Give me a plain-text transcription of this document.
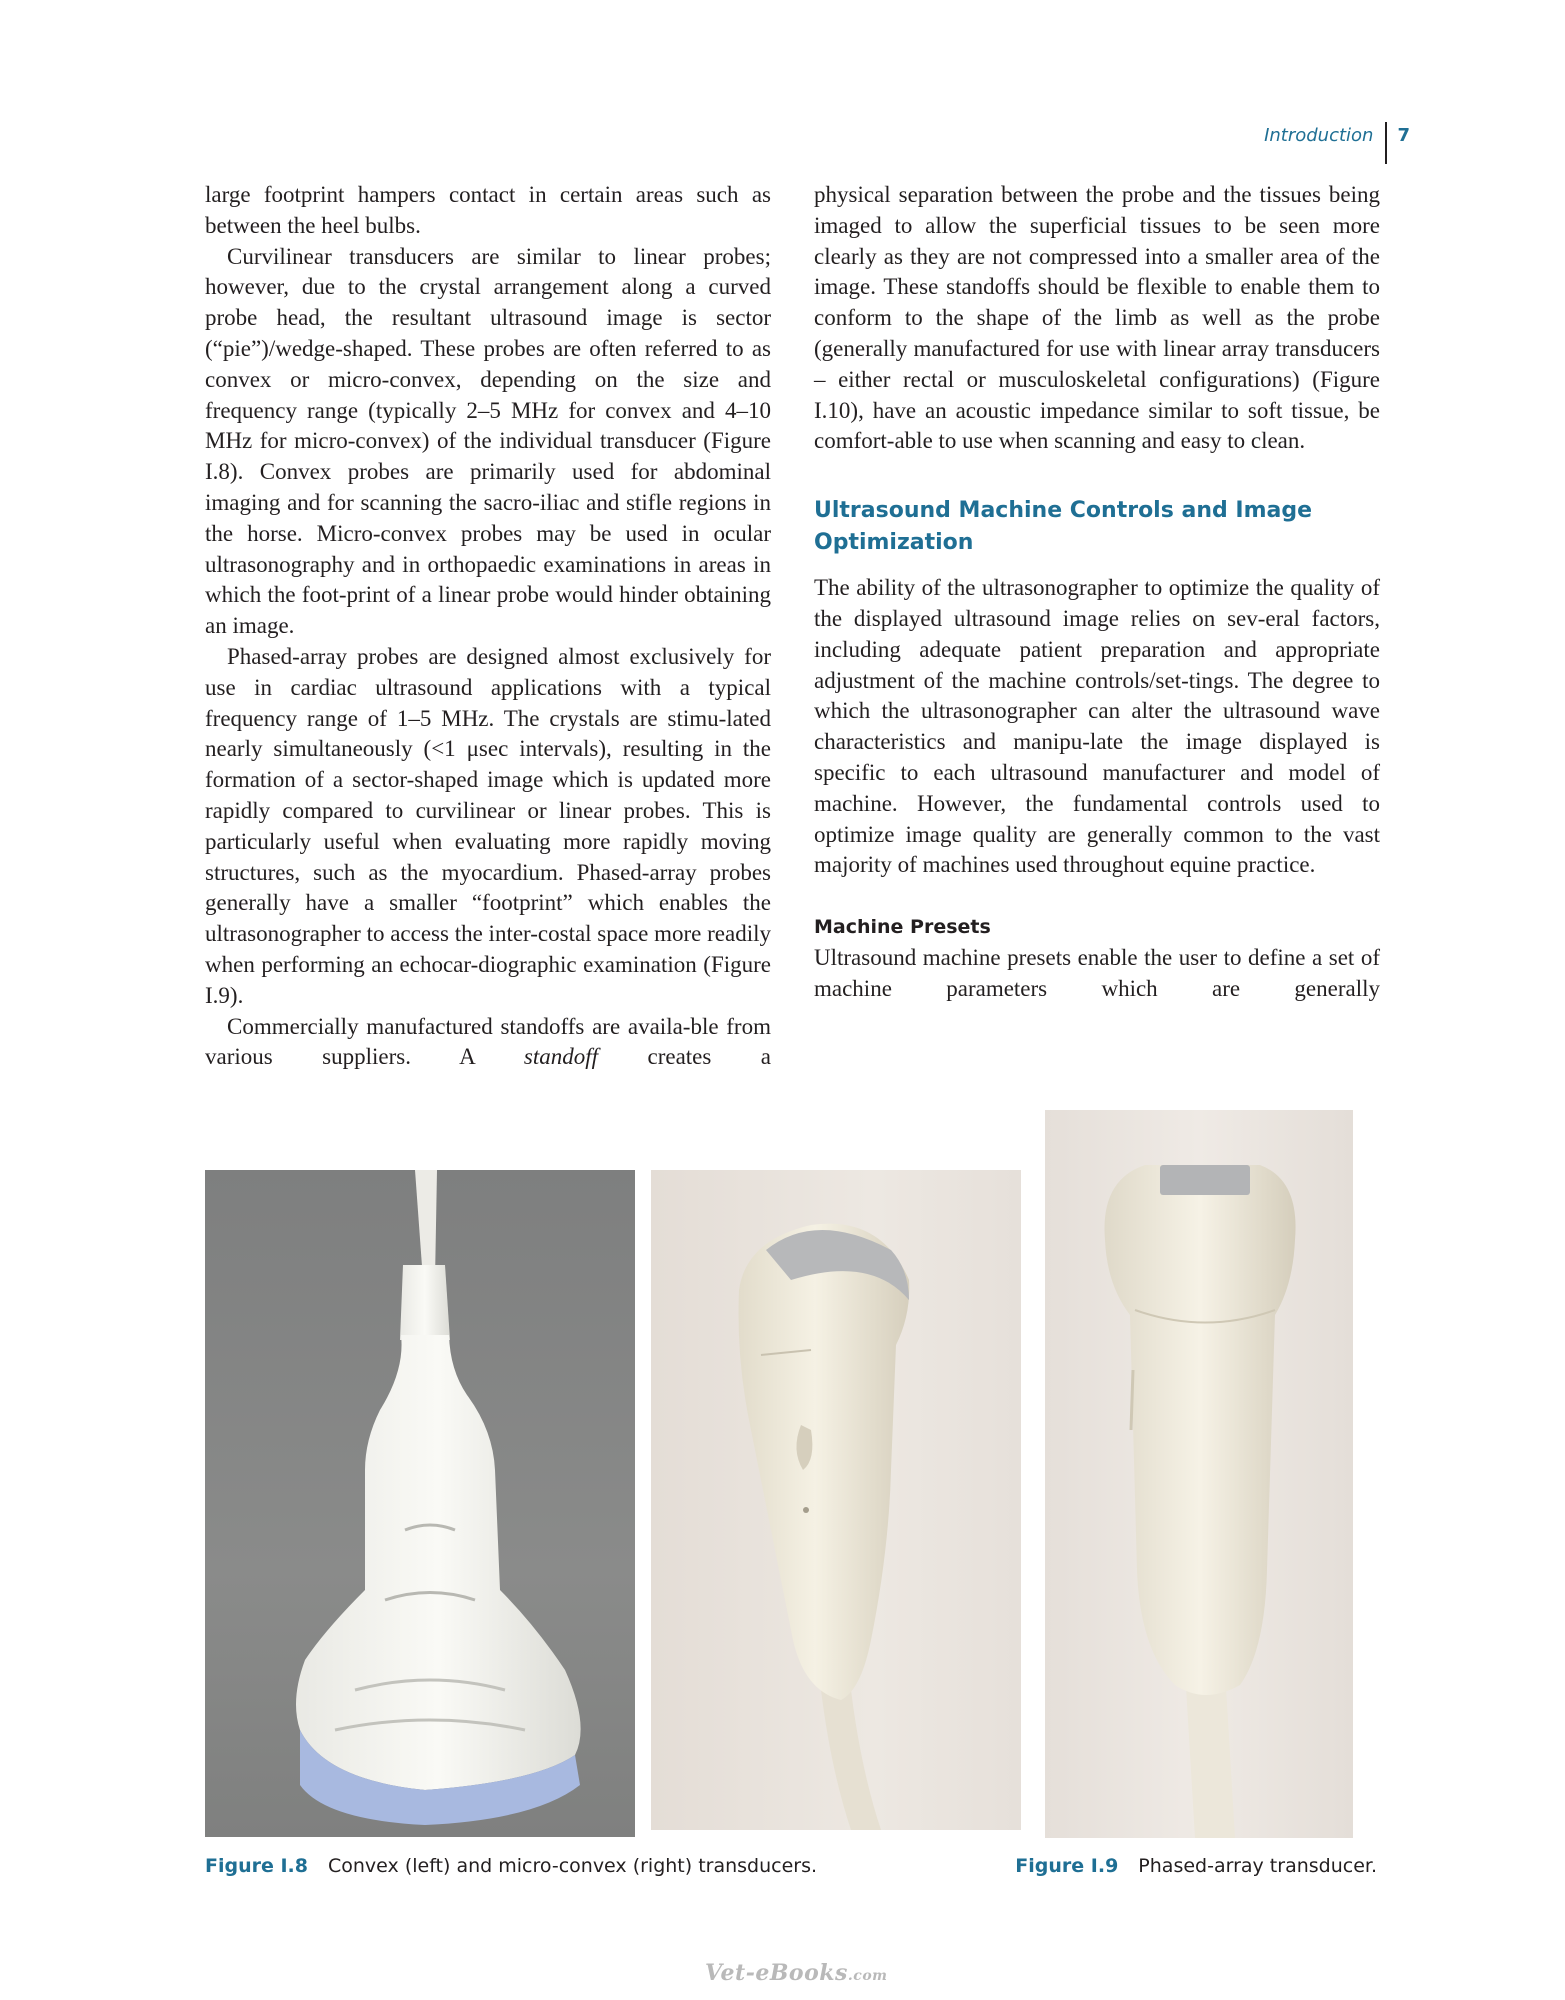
Introduction 7

large footprint hampers contact in certain areas such as between the heel bulbs.

Curvilinear transducers are similar to linear probes; however, due to the crystal arrangement along a curved probe head, the resultant ultrasound image is sector (“pie”)/wedge-shaped. These probes are often referred to as convex or micro-convex, depending on the size and frequency range (typically 2–5 MHz for convex and 4–10 MHz for micro-convex) of the individual transducer (Figure I.8). Convex probes are primarily used for abdominal imaging and for scanning the sacro-iliac and stifle regions in the horse. Micro-convex probes may be used in ocular ultrasonography and in orthopaedic examinations in areas in which the foot-print of a linear probe would hinder obtaining an image.

Phased-array probes are designed almost exclusively for use in cardiac ultrasound applications with a typical frequency range of 1–5 MHz. The crystals are stimu-lated nearly simultaneously (<1 μsec intervals), resulting in the formation of a sector-shaped image which is updated more rapidly compared to curvilinear or linear probes. This is particularly useful when evaluating more rapidly moving structures, such as the myocardium. Phased-array probes generally have a smaller “footprint” which enables the ultrasonographer to access the inter-costal space more readily when performing an echocar-diographic examination (Figure I.9).

Commercially manufactured standoffs are availa-ble from various suppliers. A standoff creates a

physical separation between the probe and the tissues being imaged to allow the superficial tissues to be seen more clearly as they are not compressed into a smaller area of the image. These standoffs should be flexible to enable them to conform to the shape of the limb as well as the probe (generally manufactured for use with linear array transducers – either rectal or musculoskeletal configurations) (Figure I.10), have an acoustic impedance similar to soft tissue, be comfort-able to use when scanning and easy to clean.

Ultrasound Machine Controls and Image Optimization

The ability of the ultrasonographer to optimize the quality of the displayed ultrasound image relies on sev-eral factors, including adequate patient preparation and appropriate adjustment of the machine controls/set-tings. The degree to which the ultrasonographer can alter the ultrasound wave characteristics and manipu-late the image displayed is specific to each ultrasound manufacturer and model of machine. However, the fundamental controls used to optimize image quality are generally common to the vast majority of machines used throughout equine practice.

Machine Presets

Ultrasound machine presets enable the user to define a set of machine parameters which are generally

Figure I.8 Convex (left) and micro-convex (right) transducers.	Figure I.9 Phased-array transducer.
Vet-eBooks.com
